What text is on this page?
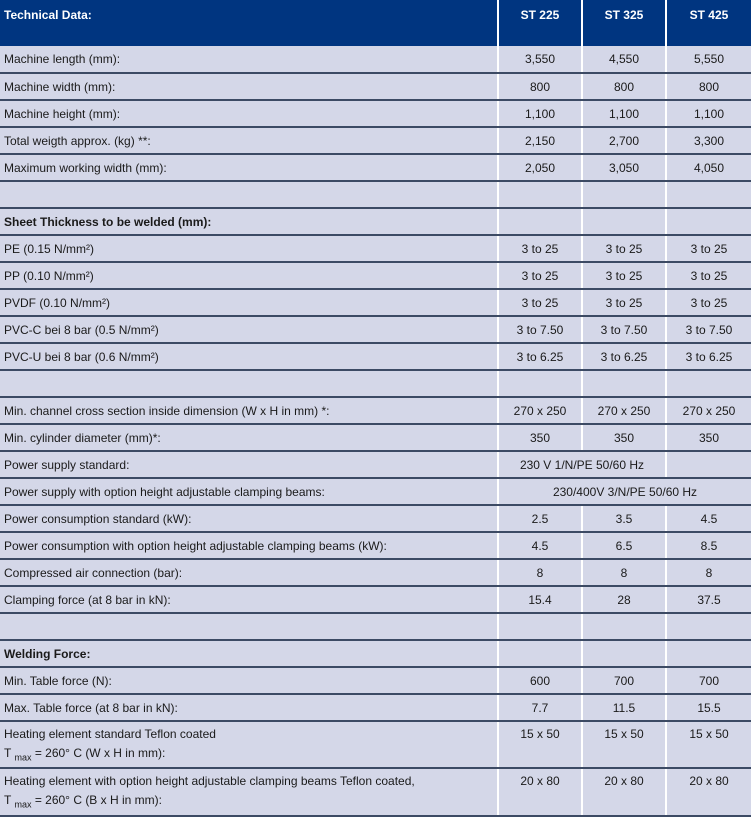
Technical Data:	ST 225	ST 325	ST 425
Machine length (mm):	3,550	4,550	5,550
Machine width (mm):	800	800	800
Machine height (mm):	1,100	1,100	1,100
Total weigth approx. (kg) **:	2,150	2,700	3,300
Maximum working width (mm):	2,050	3,050	4,050

Sheet Thickness to be welded (mm):			
PE (0.15 N/mm²)	3 to 25	3 to 25	3 to 25
PP (0.10 N/mm²)	3 to 25	3 to 25	3 to 25
PVDF (0.10 N/mm²)	3 to 25	3 to 25	3 to 25
PVC-C bei 8 bar (0.5 N/mm²)	3 to 7.50	3 to 7.50	3 to 7.50
PVC-U bei 8 bar (0.6 N/mm²)	3 to 6.25	3 to 6.25	3 to 6.25

Min. channel cross section inside dimension (W x H in mm) *:	270 x 250	270 x 250	270 x 250
Min. cylinder diameter (mm)*:	350	350	350
Power supply standard:	230 V 1/N/PE 50/60 Hz		
Power supply with option height adjustable clamping beams:	230/400V 3/N/PE 50/60 Hz		
Power consumption standard (kW):	2.5	3.5	4.5
Power consumption with option height adjustable clamping beams (kW):	4.5	6.5	8.5
Compressed air connection (bar):	8	8	8
Clamping force (at 8 bar in kN):	15.4	28	37.5

Welding Force:			
Min. Table force (N):	600	700	700
Max. Table force (at 8 bar in kN):	7.7	11.5	15.5
Heating element standard Teflon coated
T $_{max}$ = 260° C (W x H in mm):	15 x 50	15 x 50	15 x 50
Heating element with option height adjustable clamping beams Teflon coated,
T $_{max}$ = 260° C (B x H in mm):	20 x 80	20 x 80	20 x 80
